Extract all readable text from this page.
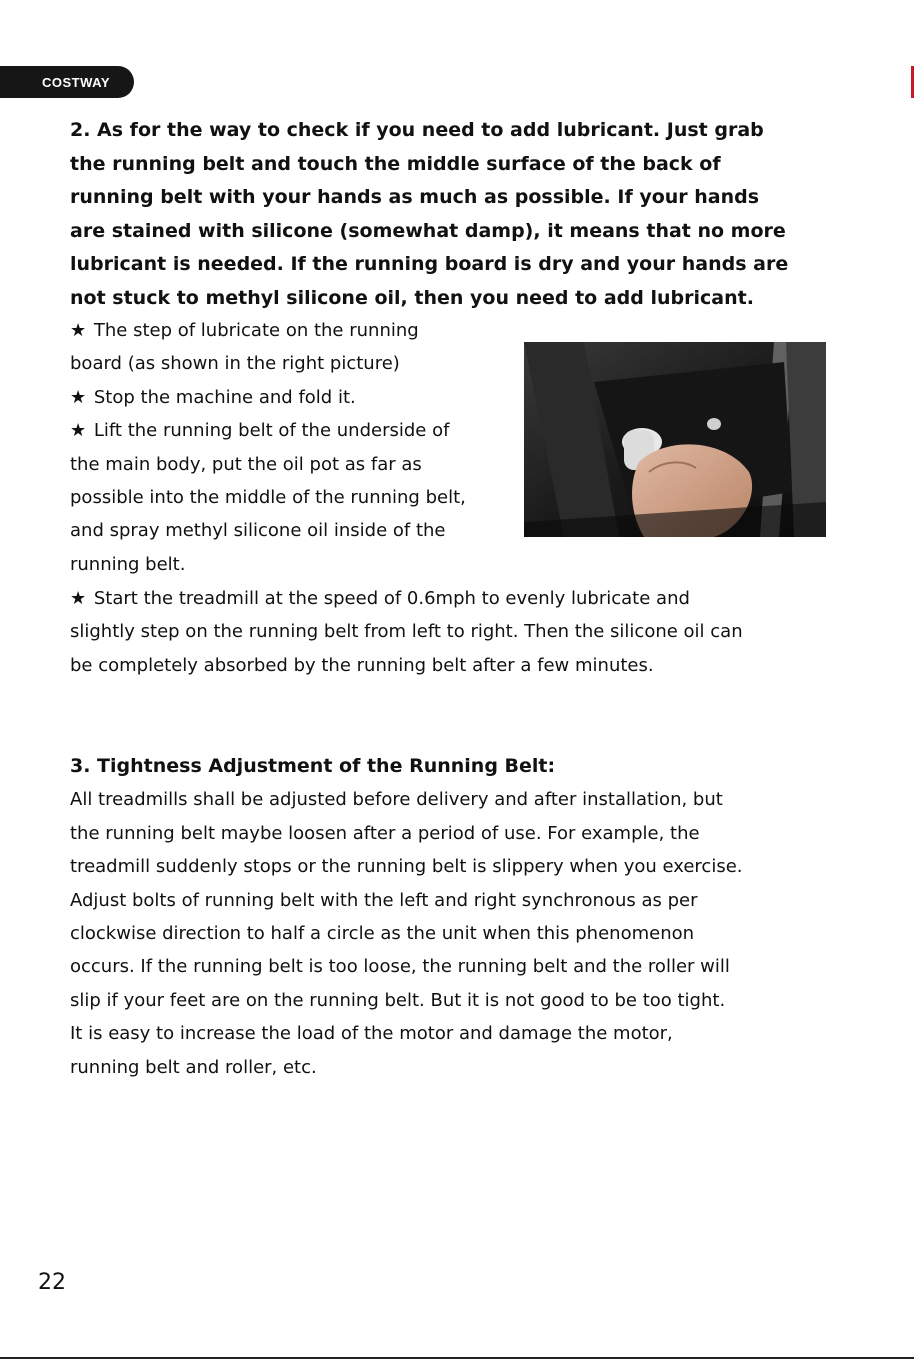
COSTWAY

2. As for the way to check if you need to add lubricant. Just grab

the running belt and touch the middle surface of the back of

running belt with your hands as much as possible. If your hands

are stained with silicone (somewhat damp), it means that no more

lubricant is needed. If the running board is dry and your hands are

not stuck to methyl silicone oil, then you need to add lubricant.

★ The step of lubricate on the running

board (as shown in the right picture)

★ Stop the machine and fold it.

★ Lift the running belt of the underside of

the main body, put the oil pot as far as

possible into the middle of the running belt,

and spray methyl silicone oil inside of the

running belt.

★ Start the treadmill at the speed of 0.6mph to evenly lubricate and

slightly step on the running belt from left to right. Then the silicone oil can

be completely absorbed by the running belt after a few minutes.

3. Tightness Adjustment of the Running Belt:

All treadmills shall be adjusted before delivery and after installation, but

the running belt maybe loosen after a period of use. For example, the

treadmill suddenly stops or the running belt is slippery when you exercise.

Adjust bolts of running belt with the left and right synchronous as per

clockwise direction to half a circle as the unit when this phenomenon

occurs. If the running belt is too loose, the running belt and the roller will

slip if your feet are on the running belt. But it is not good to be too tight.

It is easy to increase the load of the motor and damage the motor,

running belt and roller, etc.

22
